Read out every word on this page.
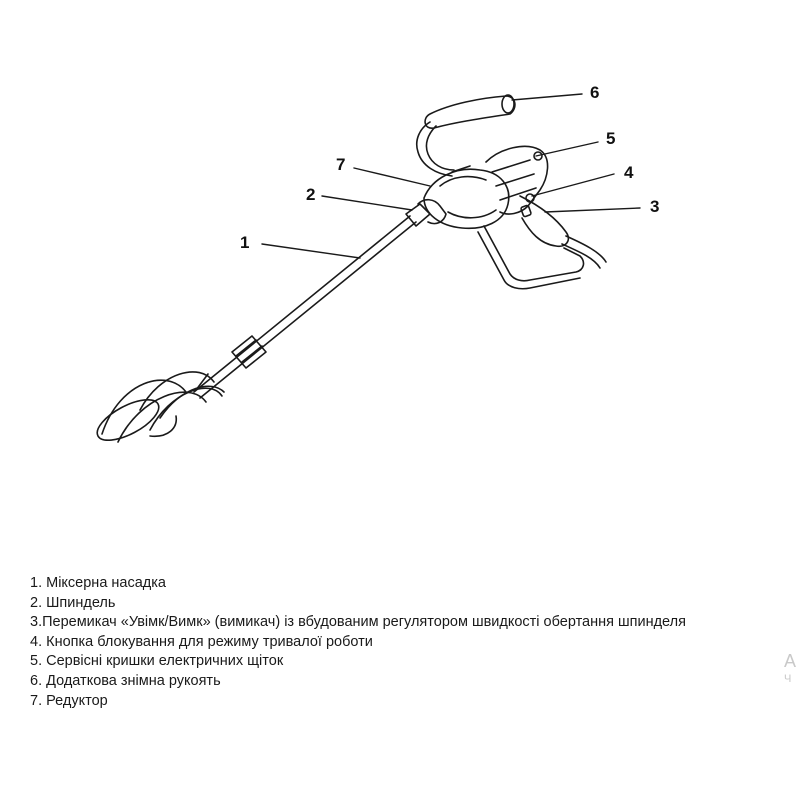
1
2
3
4
5
6
7
1. Міксерна насадка
2. Шпиндель
3.Перемикач «Увімк/Вимк» (вимикач) із вбудованим регулятором швидкості обертання шпинделя
4. Кнопка блокування для режиму тривалої роботи
5. Сервісні кришки електричних щіток
6. Додаткова знімна рукоять
7. Редуктор
А
Ч
